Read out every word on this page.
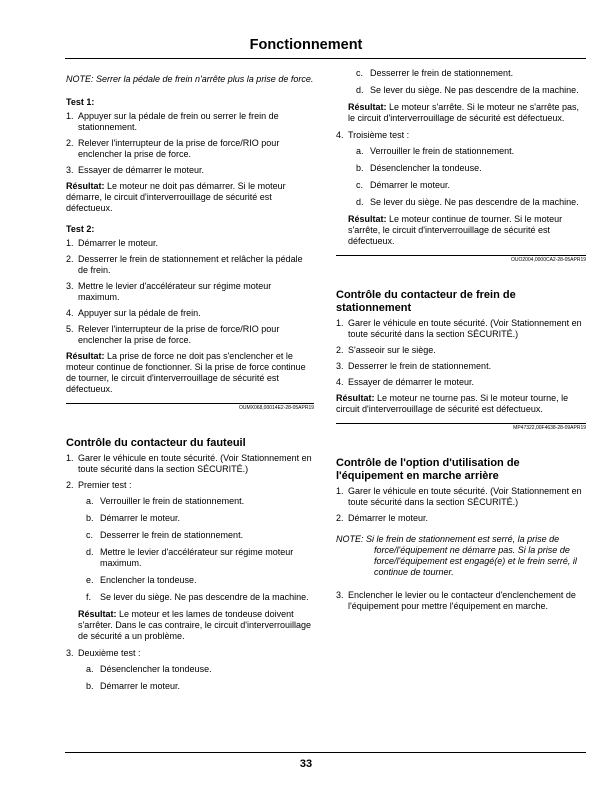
Fonctionnement

NOTE: Serrer la pédale de frein n'arrête plus la prise de force.

Test 1:

1. Appuyer sur la pédale de frein ou serrer le frein de stationnement.
2. Relever l'interrupteur de la prise de force/RIO pour enclencher la prise de force.
3. Essayer de démarrer le moteur.

Résultat: Le moteur ne doit pas démarrer. Si le moteur démarre, le circuit d'interverrouillage de sécurité est défectueux.

Test 2:

1. Démarrer le moteur.
2. Desserrer le frein de stationnement et relâcher la pédale de frein.
3. Mettre le levier d'accélérateur sur régime moteur maximum.
4. Appuyer sur la pédale de frein.
5. Relever l'interrupteur de la prise de force/RIO pour enclencher la prise de force.

Résultat: La prise de force ne doit pas s'enclencher et le moteur continue de fonctionner. Si la prise de force continue de tourner, le circuit d'interverrouillage de sécurité est défectueux.

OUMX068,00014E2-28-05APR19
Contrôle du contacteur du fauteuil
1. Garer le véhicule en toute sécurité. (Voir Stationnement en toute sécurité dans la section SÉCURITÉ.)
2. Premier test :
a. Verrouiller le frein de stationnement.
b. Démarrer le moteur.
c. Desserrer le frein de stationnement.
d. Mettre le levier d'accélérateur sur régime moteur maximum.
e. Enclencher la tondeuse.
f. Se lever du siège. Ne pas descendre de la machine.

Résultat: Le moteur et les lames de tondeuse doivent s'arrêter. Dans le cas contraire, le circuit d'interverrouillage de sécurité a un problème.

3. Deuxième test :
a. Désenclencher la tondeuse.
b. Démarrer le moteur.
c. Desserrer le frein de stationnement.
d. Se lever du siège. Ne pas descendre de la machine.

Résultat: Le moteur s'arrête. Si le moteur ne s'arrête pas, le circuit d'interverrouillage de sécurité est défectueux.

4. Troisième test :
a. Verrouiller le frein de stationnement.
b. Désenclencher la tondeuse.
c. Démarrer le moteur.
d. Se lever du siège. Ne pas descendre de la machine.

Résultat: Le moteur continue de tourner. Si le moteur s'arrête, le circuit d'interverrouillage de sécurité est défectueux.

OUO2004,0000CA2-28-05APR19
Contrôle du contacteur de frein de stationnement
1. Garer le véhicule en toute sécurité. (Voir Stationnement en toute sécurité dans la section SÉCURITÉ.)
2. S'asseoir sur le siège.
3. Desserrer le frein de stationnement.
4. Essayer de démarrer le moteur.

Résultat: Le moteur ne tourne pas. Si le moteur tourne, le circuit d'interverrouillage de sécurité est défectueux.

MP47322,00F4638-28-09APR19
Contrôle de l'option d'utilisation de l'équipement en marche arrière
1. Garer le véhicule en toute sécurité. (Voir Stationnement en toute sécurité dans la section SÉCURITÉ.)
2. Démarrer le moteur.

NOTE: Si le frein de stationnement est serré, la prise de force/l'équipement ne démarre pas. Si la prise de force/l'équipement est engagé(e) et le frein serré, il continue de tourner.

3. Enclencher le levier ou le contacteur d'enclenchement de l'équipement pour mettre l'équipement en marche.
33
